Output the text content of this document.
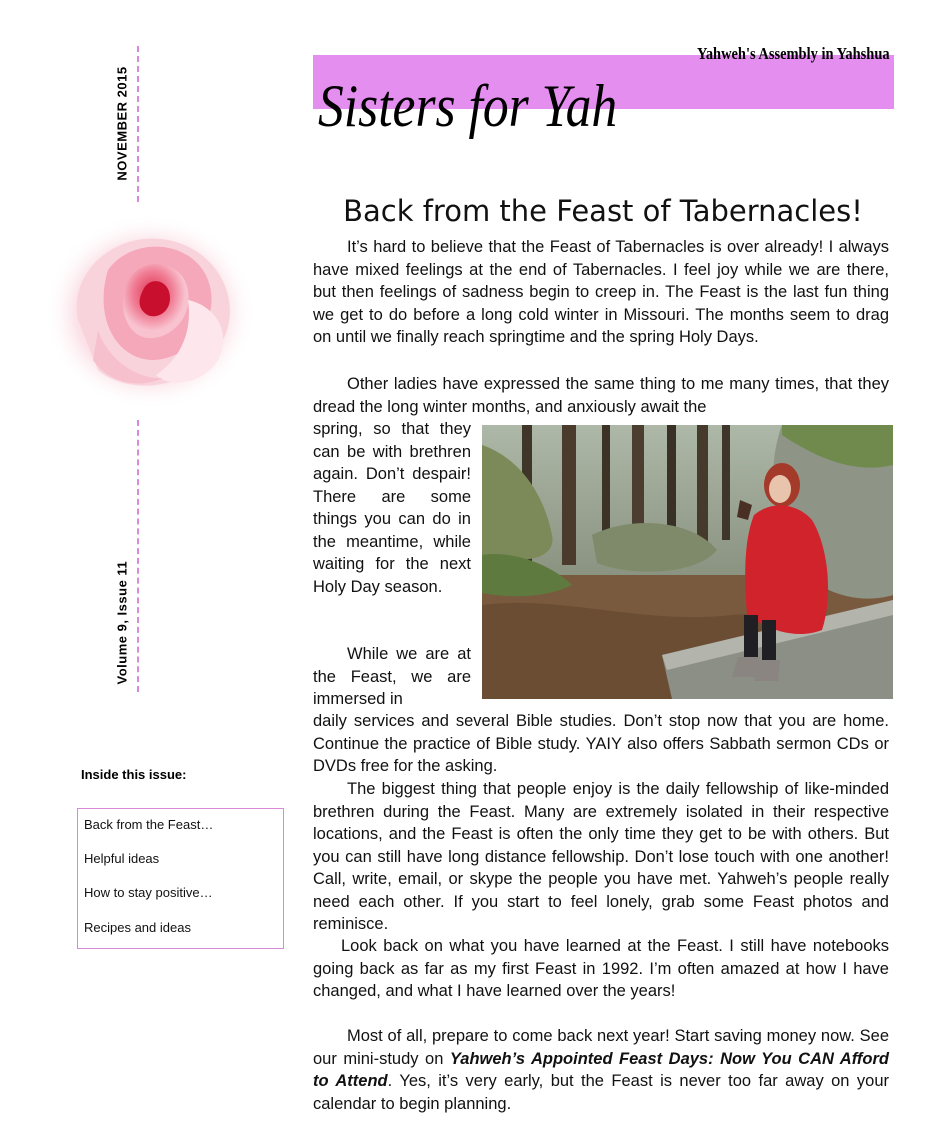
NOVEMBER 2015
Volume 9, Issue 11
Inside this issue:
Back from the Feast…
Helpful ideas
How to stay positive…
Recipes and ideas
Yahweh's Assembly in Yahshua
Sisters for Yah
Back from the Feast of Tabernacles!
It’s hard to believe that the Feast of Tabernacles is over already! I always have mixed feelings at the end of Tabernacles. I feel joy while we are there, but then feelings of sadness begin to creep in. The Feast is the last fun thing we get to do before a long cold winter in Missouri. The months seem to drag on until we finally reach springtime and the spring Holy Days.
Other ladies have expressed the same thing to me many times, that they dread the long winter months, and anxiously await the
spring, so that they can be with brethren again. Don’t despair! There are some things you can do in the meantime, while waiting for the next Holy Day season.
While we are at the Feast, we are immersed in
daily services and several Bible studies. Don’t stop now that you are home. Continue the practice of Bible study. YAIY also offers Sabbath sermon CDs or DVDs free for the asking.
The biggest thing that people enjoy is the daily fellowship of like-minded brethren during the Feast. Many are extremely isolated in their respective locations, and the Feast is often the only time they get to be with others. But you can still have long distance fellowship. Don’t lose touch with one another! Call, write, email, or skype the people you have met. Yahweh’s people really need each other. If you start to feel lonely, grab some Feast photos and reminisce.
Look back on what you have learned at the Feast. I still have notebooks going back as far as my first Feast in 1992. I’m often amazed at how I have changed, and what I have learned over the years!
Most of all, prepare to come back next year! Start saving money now. See our mini-study on Yahweh’s Appointed Feast Days: Now You CAN Afford to Attend. Yes, it’s very early, but the Feast is never too far away on your calendar to begin planning.
